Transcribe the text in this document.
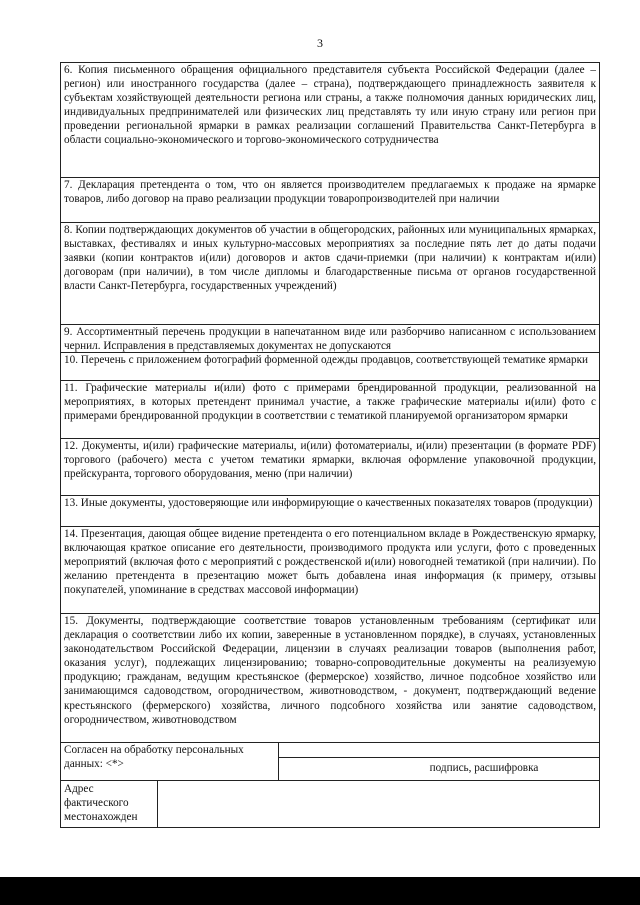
3
6. Копия письменного обращения официального представителя субъекта Российской Федерации (далее – регион) или иностранного государства (далее – страна), подтверждающего принадлежность заявителя к субъектам хозяйствующей деятельности региона или страны, а также полномочия данных юридических лиц, индивидуальных предпринимателей или физических лиц представлять ту или иную страну или регион при проведении региональной ярмарки в рамках реализации соглашений Правительства Санкт-Петербурга в области социально-экономического и торгово-экономического сотрудничества
7. Декларация претендента о том, что он является производителем предлагаемых к продаже на ярмарке товаров, либо договор на право реализации продукции товаропроизводителей при наличии
8. Копии подтверждающих документов об участии в общегородских, районных или муниципальных ярмарках, выставках, фестивалях и иных культурно-массовых мероприятиях за последние пять лет до даты подачи заявки (копии контрактов и(или) договоров и актов сдачи-приемки (при наличии) к контрактам и(или) договорам (при наличии), в том числе дипломы и благодарственные письма от органов государственной власти Санкт-Петербурга, государственных учреждений)
9. Ассортиментный перечень продукции в напечатанном виде или разборчиво написанном с использованием чернил. Исправления в представляемых документах не допускаются
10. Перечень с приложением фотографий форменной одежды продавцов, соответствующей тематике ярмарки
11. Графические материалы и(или) фото с примерами брендированной продукции, реализованной на мероприятиях, в которых претендент принимал участие, а также графические материалы и(или) фото с примерами брендированной продукции в соответствии с тематикой планируемой организатором ярмарки
12. Документы, и(или) графические материалы, и(или) фотоматериалы, и(или) презентации (в формате PDF) торгового (рабочего) места с учетом тематики ярмарки, включая оформление упаковочной продукции, прейскуранта, торгового оборудования, меню (при наличии)
13. Иные документы, удостоверяющие или информирующие о качественных показателях товаров (продукции)
14. Презентация, дающая общее видение претендента о его потенциальном вкладе в Рождественскую ярмарку, включающая краткое описание его деятельности, производимого продукта или услуги, фото с проведенных мероприятий (включая фото с мероприятий с рождественской и(или) новогодней тематикой (при наличии). По желанию претендента в презентацию может быть добавлена иная информация (к примеру, отзывы покупателей, упоминание в средствах массовой информации)
15. Документы, подтверждающие соответствие товаров установленным требованиям (сертификат или декларация о соответствии либо их копии, заверенные в установленном порядке), в случаях, установленных законодательством Российской Федерации, лицензии в случаях реализации товаров (выполнения работ, оказания услуг), подлежащих лицензированию; товарно-сопроводительные документы на реализуемую продукцию; гражданам, ведущим крестьянское (фермерское) хозяйство, личное подсобное хозяйство или занимающимся садоводством, огородничеством, животноводством, - документ, подтверждающий ведение крестьянского (фермерского) хозяйства, личного подсобного хозяйства или занятие садоводством, огородничеством, животноводством
Согласен на обработку персональных данных: <*>	подпись, расшифровка
Адрес фактического местонахожден
